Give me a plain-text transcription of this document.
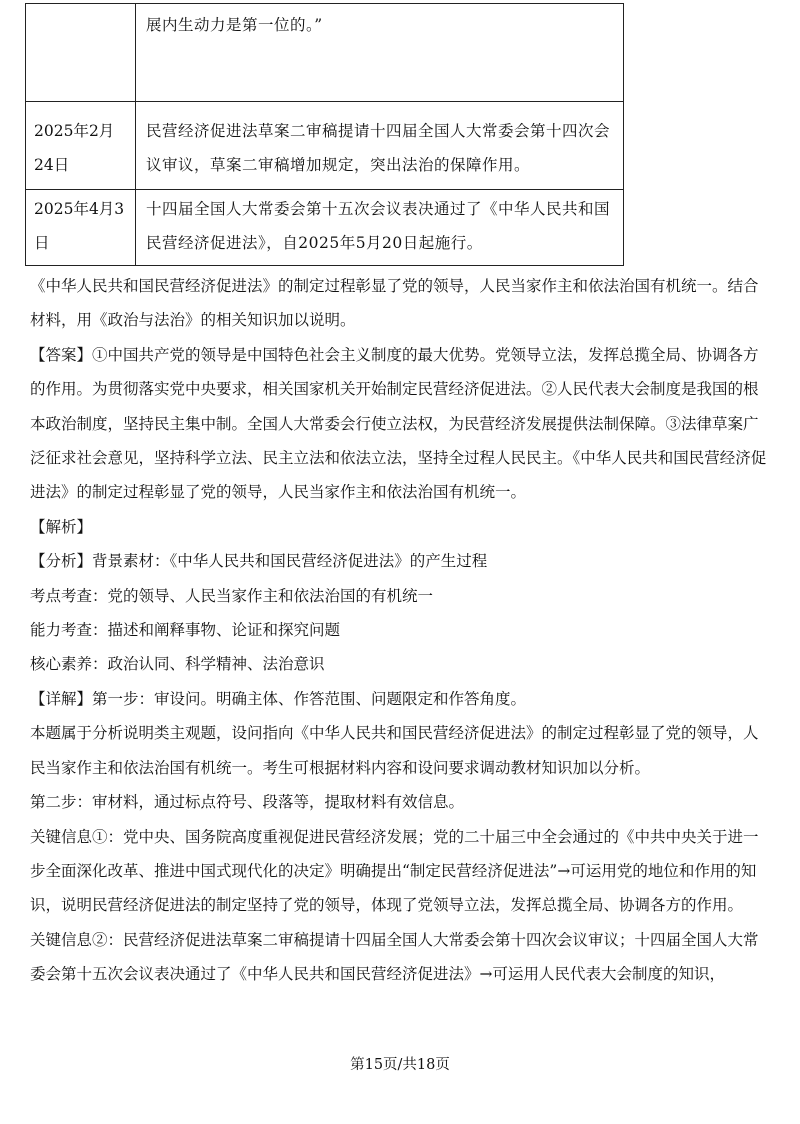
	展内生动力是第一位的。”
2025年2月24日	民营经济促进法草案二审稿提请十四届全国人大常委会第十四次会议审议，草案二审稿增加规定，突出法治的保障作用。
2025年4月3日	十四届全国人大常委会第十五次会议表决通过了《中华人民共和国民营经济促进法》，自2025年5月20日起施行。

《中华人民共和国民营经济促进法》的制定过程彰显了党的领导，人民当家作主和依法治国有机统一。结合材料，用《政治与法治》的相关知识加以说明。

【答案】①中国共产党的领导是中国特色社会主义制度的最大优势。党领导立法，发挥总揽全局、协调各方的作用。为贯彻落实党中央要求，相关国家机关开始制定民营经济促进法。②人民代表大会制度是我国的根本政治制度，坚持民主集中制。全国人大常委会行使立法权，为民营经济发展提供法制保障。③法律草案广泛征求社会意见，坚持科学立法、民主立法和依法立法，坚持全过程人民民主。《中华人民共和国民营经济促进法》的制定过程彰显了党的领导，人民当家作主和依法治国有机统一。

【解析】

【分析】背景素材：《中华人民共和国民营经济促进法》的产生过程

考点考查：党的领导、人民当家作主和依法治国的有机统一

能力考查：描述和阐释事物、论证和探究问题

核心素养：政治认同、科学精神、法治意识

【详解】第一步：审设问。明确主体、作答范围、问题限定和作答角度。

本题属于分析说明类主观题，设问指向《中华人民共和国民营经济促进法》的制定过程彰显了党的领导，人民当家作主和依法治国有机统一。考生可根据材料内容和设问要求调动教材知识加以分析。

第二步：审材料，通过标点符号、段落等，提取材料有效信息。

关键信息①：党中央、国务院高度重视促进民营经济发展；党的二十届三中全会通过的《中共中央关于进一步全面深化改革、推进中国式现代化的决定》明确提出“制定民营经济促进法”→可运用党的地位和作用的知识，说明民营经济促进法的制定坚持了党的领导，体现了党领导立法，发挥总揽全局、协调各方的作用。

关键信息②：民营经济促进法草案二审稿提请十四届全国人大常委会第十四次会议审议；十四届全国人大常委会第十五次会议表决通过了《中华人民共和国民营经济促进法》→可运用人民代表大会制度的知识，

第15页/共18页
